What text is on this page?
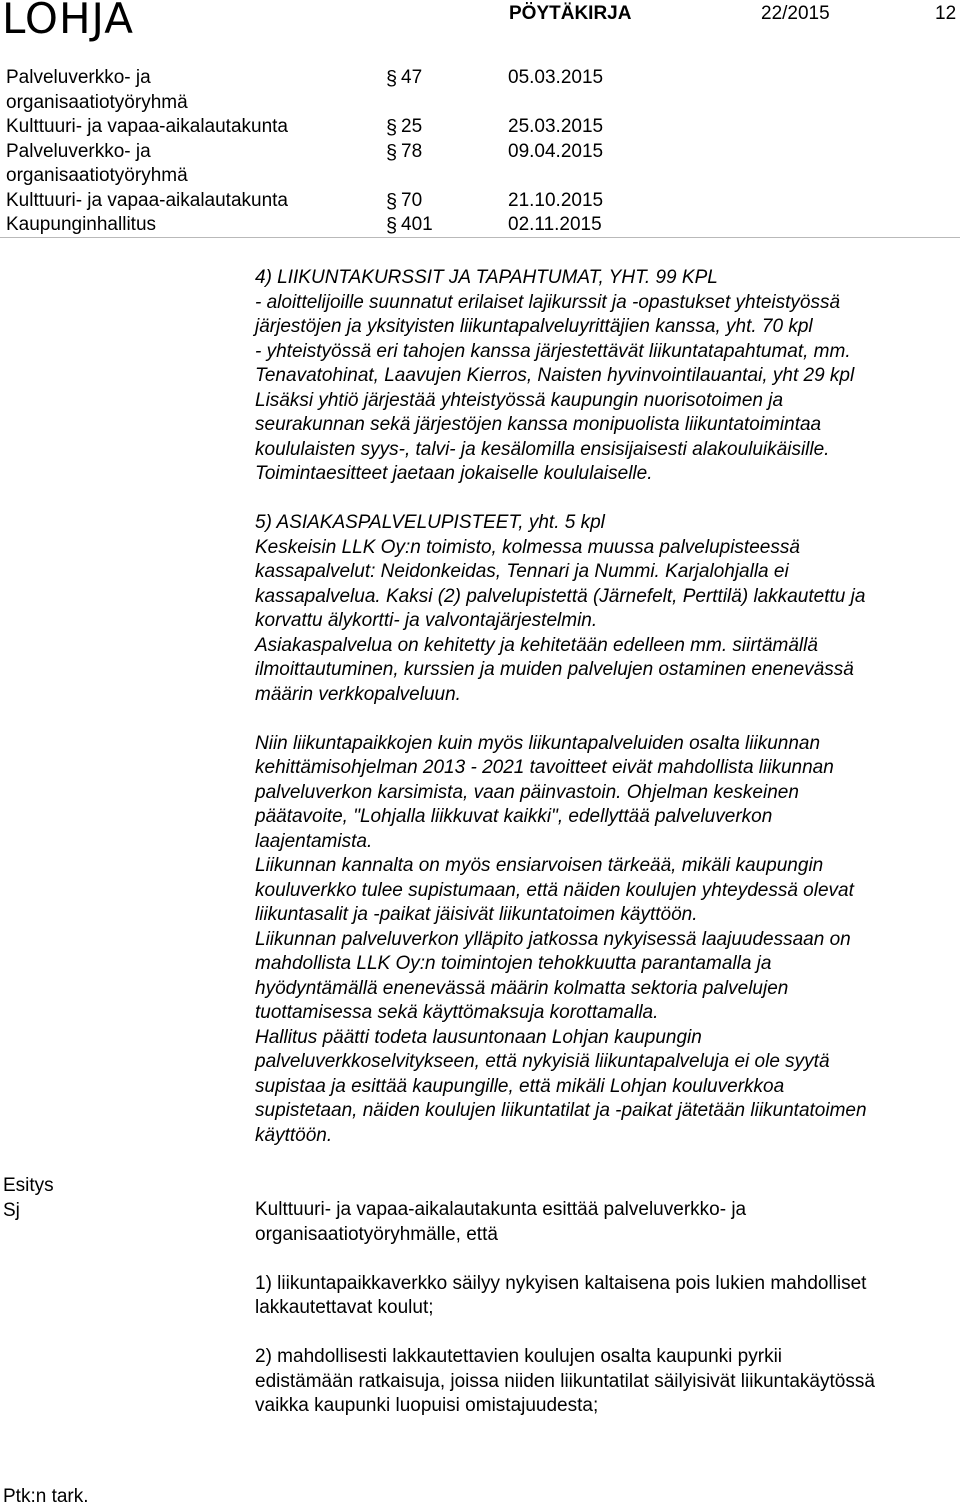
LOHJA	PÖYTÄKIRJA	22/2015	12
Palveluverkko- ja
organisaatiotyöryhmä
§ 47	05.03.2015
Kulttuuri- ja vapaa-aikalautakunta	§ 25	25.03.2015
Palveluverkko- ja
organisaatiotyöryhmä
§ 78	09.04.2015
Kulttuuri- ja vapaa-aikalautakunta	§ 70	21.10.2015
Kaupunginhallitus	§ 401	02.11.2015

4) LIIKUNTAKURSSIT JA TAPAHTUMAT, YHT. 99 KPL
- aloittelijoille suunnatut erilaiset lajikurssit ja -opastukset yhteistyössä
järjestöjen ja yksityisten liikuntapalveluyrittäjien kanssa, yht. 70 kpl
- yhteistyössä eri tahojen kanssa järjestettävät liikuntatapahtumat, mm.
Tenavatohinat, Laavujen Kierros, Naisten hyvinvointilauantai, yht 29 kpl
Lisäksi yhtiö järjestää yhteistyössä kaupungin nuorisotoimen ja
seurakunnan sekä järjestöjen kanssa monipuolista liikuntatoimintaa
koululaisten syys-, talvi- ja kesälomilla ensisijaisesti alakouluikäisille.
Toimintaesitteet jaetaan jokaiselle koululaiselle.

5) ASIAKASPALVELUPISTEET, yht. 5 kpl
Keskeisin LLK Oy:n toimisto, kolmessa muussa palvelupisteessä
kassapalvelut: Neidonkeidas, Tennari ja Nummi. Karjalohjalla ei
kassapalvelua. Kaksi (2) palvelupistettä (Järnefelt, Perttilä) lakkautettu ja
korvattu älykortti- ja valvontajärjestelmin.
Asiakaspalvelua on kehitetty ja kehitetään edelleen mm. siirtämällä
ilmoittautuminen, kurssien ja muiden palvelujen ostaminen enenevässä
määrin verkkopalveluun.

Niin liikuntapaikkojen kuin myös liikuntapalveluiden osalta liikunnan
kehittämisohjelman 2013 - 2021 tavoitteet eivät mahdollista liikunnan
palveluverkon karsimista, vaan päinvastoin. Ohjelman keskeinen
päätavoite, "Lohjalla liikkuvat kaikki", edellyttää palveluverkon
laajentamista.
Liikunnan kannalta on myös ensiarvoisen tärkeää, mikäli kaupungin
kouluverkko tulee supistumaan, että näiden koulujen yhteydessä olevat
liikuntasalit ja -paikat jäisivät liikuntatoimen käyttöön.
Liikunnan palveluverkon ylläpito jatkossa nykyisessä laajuudessaan on
mahdollista LLK Oy:n toimintojen tehokkuutta parantamalla ja
hyödyntämällä enenevässä määrin kolmatta sektoria palvelujen
tuottamisessa sekä käyttömaksuja korottamalla.
Hallitus päätti todeta lausuntonaan Lohjan kaupungin
palveluverkkoselvitykseen, että nykyisiä liikuntapalveluja ei ole syytä
supistaa ja esittää kaupungille, että mikäli Lohjan kouluverkkoa
supistetaan, näiden koulujen liikuntatilat ja -paikat jätetään liikuntatoimen
käyttöön.

Esitys
Sj	Kulttuuri- ja vapaa-aikalautakunta esittää palveluverkko- ja
organisaatiotyöryhmälle, että

1) liikuntapaikkaverkko säilyy nykyisen kaltaisena pois lukien mahdolliset
lakkautettavat koulut;

2) mahdollisesti lakkautettavien koulujen osalta kaupunki pyrkii
edistämään ratkaisuja, joissa niiden liikuntatilat säilyisivät liikuntakäytössä
vaikka kaupunki luopuisi omistajuudesta;

Ptk:n tark.
